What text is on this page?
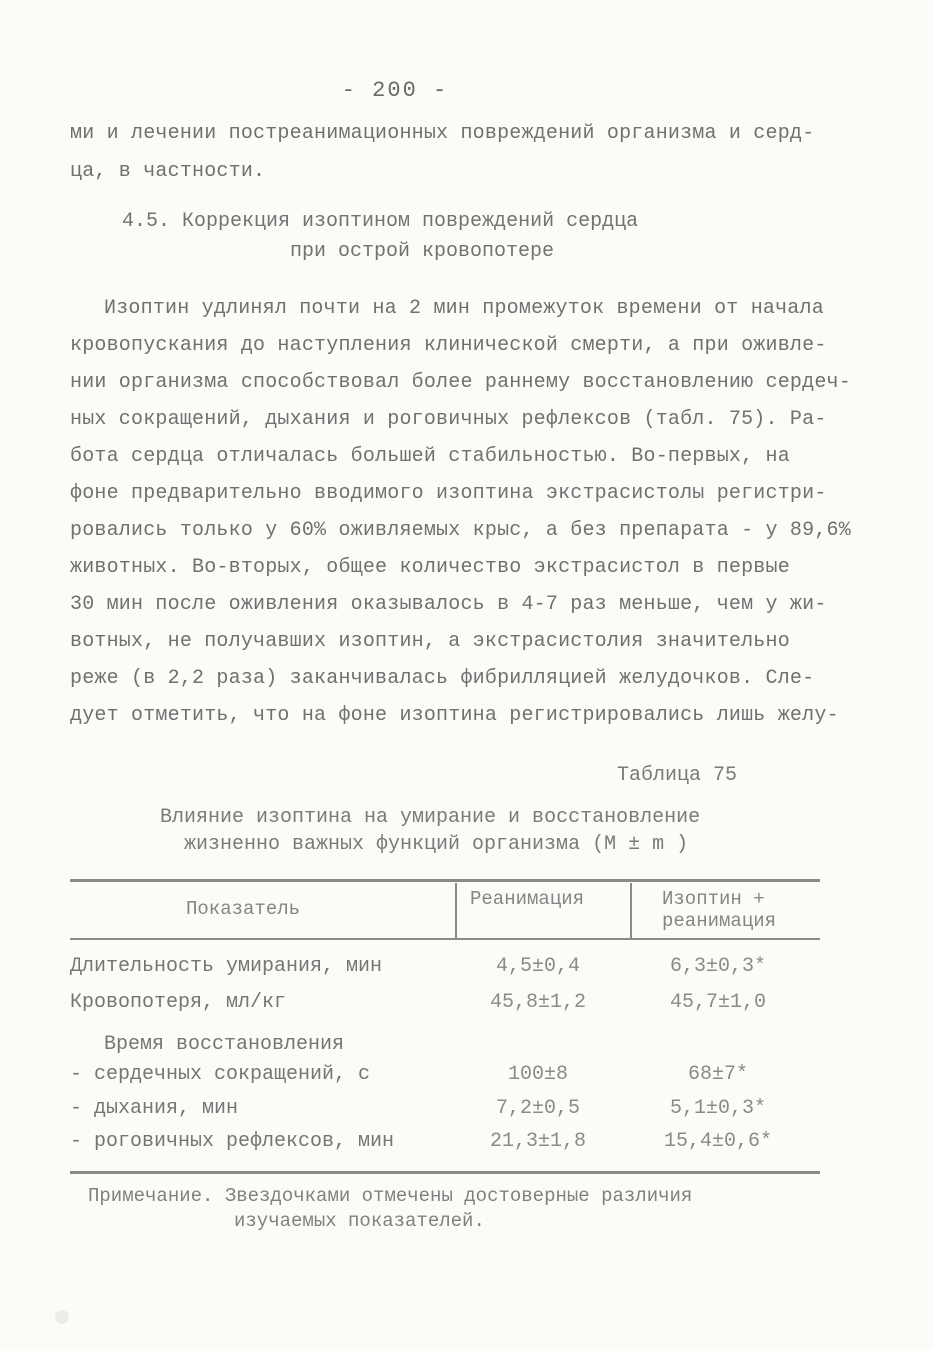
- 200 -
ми и лечении постреанимационных повреждений организма и серд-
ца, в частности.
4.5. Коррекция изоптином повреждений сердца
при острой кровопотере
Изоптин удлинял почти на 2 мин промежуток времени от начала
кровопускания до наступления клинической смерти, а при оживле-
нии организма способствовал более раннему восстановлению сердеч-
ных сокращений, дыхания и роговичных рефлексов (табл. 75). Ра-
бота сердца отличалась большей стабильностью. Во-первых, на
фоне предварительно вводимого изоптина экстрасистолы регистри-
ровались только у 60% оживляемых крыс, а без препарата - у 89,6%
животных. Во-вторых, общее количество экстрасистол в первые
30 мин после оживления оказывалось в 4-7 раз меньше, чем у жи-
вотных, не получавших изоптин, а экстрасистолия значительно
реже (в 2,2 раза) заканчивалась фибрилляцией желудочков. Сле-
дует отметить, что на фоне изоптина регистрировались лишь желу-
Таблица 75
Влияние изоптина на умирание и восстановление
жизненно важных функций организма (М ± m )
Показатель	Реанимация	Изоптин +
реанимация
Длительность умирания, мин	4,5±0,4	6,3±0,3*
Кровопотеря, мл/кг	45,8±1,2	45,7±1,0
Время восстановления
- сердечных сокращений, с	100±8	68±7*
- дыхания, мин	7,2±0,5	5,1±0,3*
- роговичных рефлексов, мин	21,3±1,8	15,4±0,6*
Примечание. Звездочками отмечены достоверные различия
изучаемых показателей.
